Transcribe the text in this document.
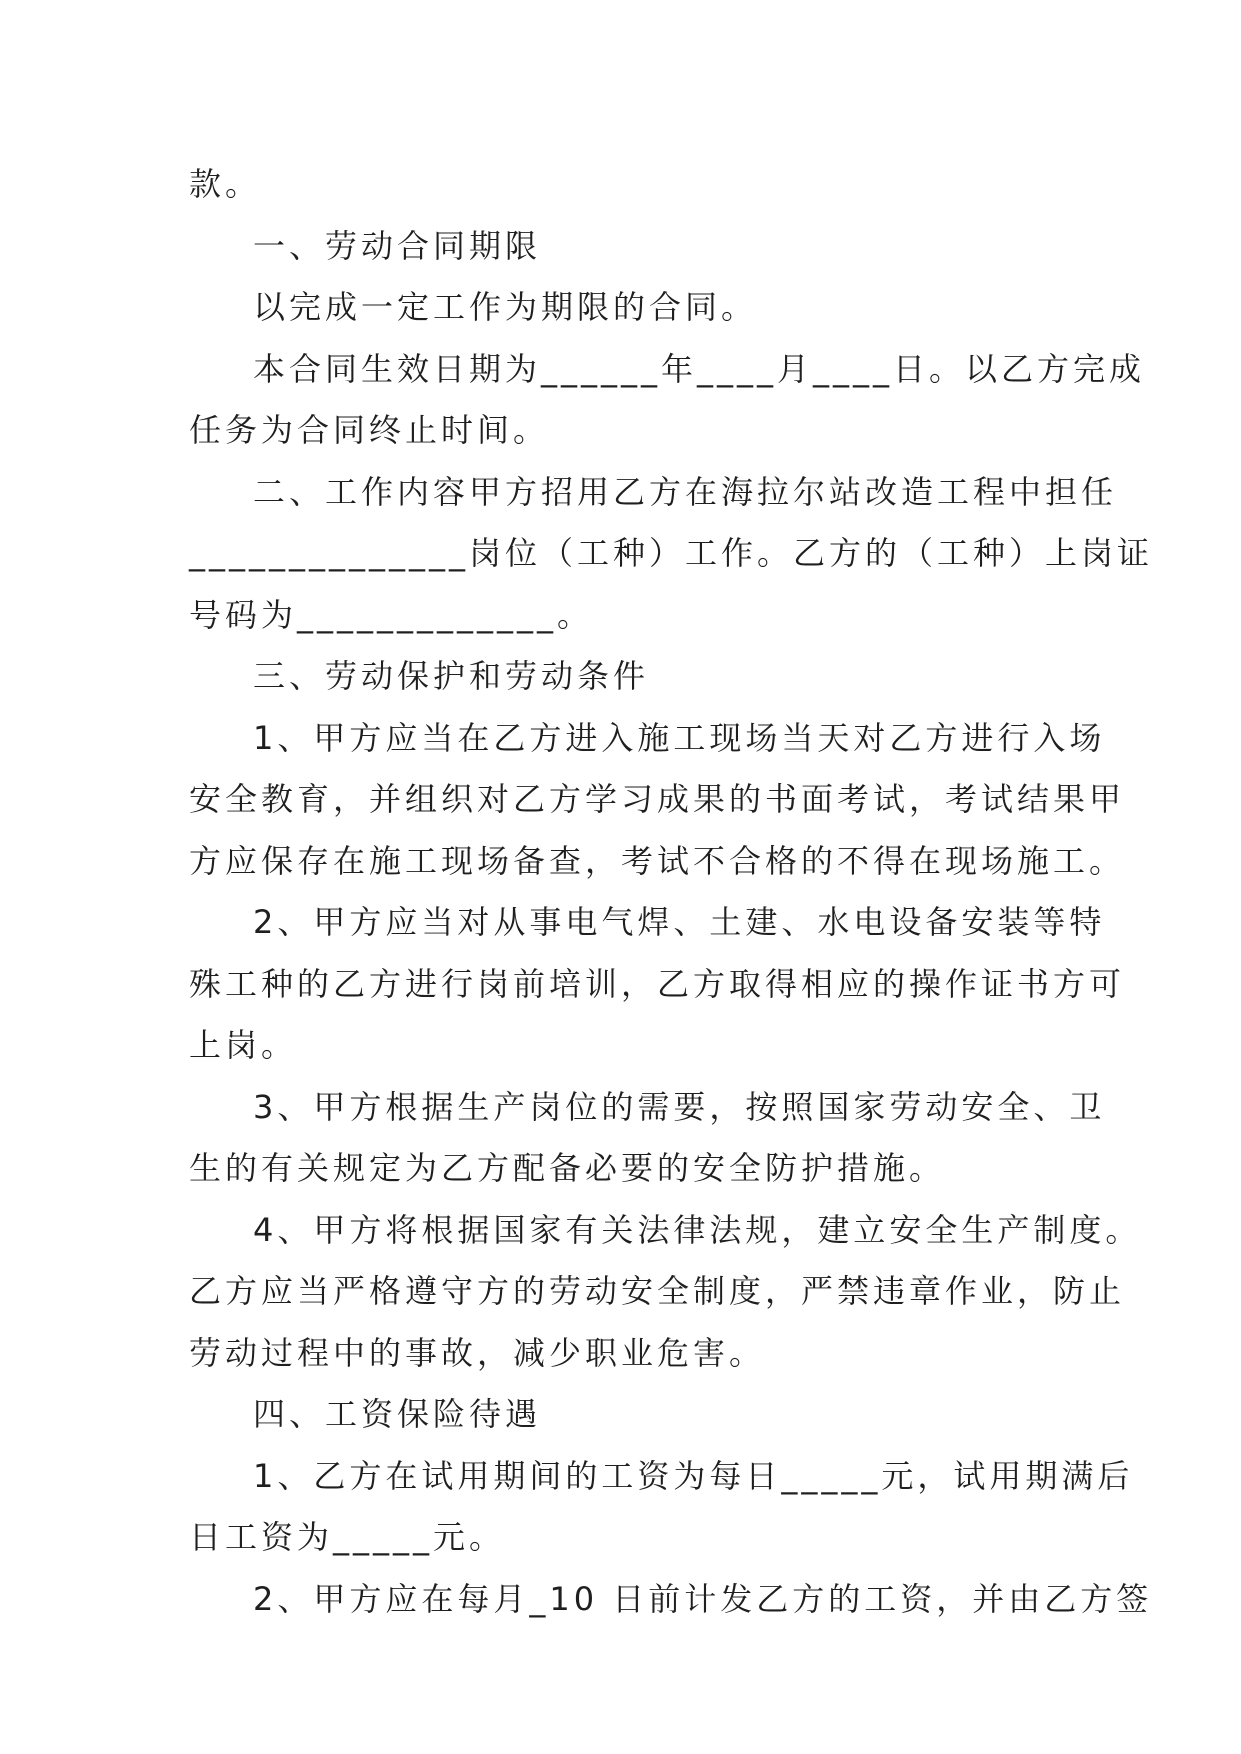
款。
一、劳动合同期限
以完成一定工作为期限的合同。
本合同生效日期为______年____月____日。以乙方完成
任务为合同终止时间。
二、工作内容甲方招用乙方在海拉尔站改造工程中担任
______________岗位（工种）工作。乙方的（工种）上岗证
号码为_____________。
三、劳动保护和劳动条件
1、甲方应当在乙方进入施工现场当天对乙方进行入场
安全教育，并组织对乙方学习成果的书面考试，考试结果甲
方应保存在施工现场备查，考试不合格的不得在现场施工。
2、甲方应当对从事电气焊、土建、水电设备安装等特
殊工种的乙方进行岗前培训，乙方取得相应的操作证书方可
上岗。
3、甲方根据生产岗位的需要，按照国家劳动安全、卫
生的有关规定为乙方配备必要的安全防护措施。
4、甲方将根据国家有关法律法规，建立安全生产制度。
乙方应当严格遵守方的劳动安全制度，严禁违章作业，防止
劳动过程中的事故，减少职业危害。
四、工资保险待遇
1、乙方在试用期间的工资为每日_____元，试用期满后
日工资为_____元。
2、甲方应在每月_10 日前计发乙方的工资，并由乙方签
